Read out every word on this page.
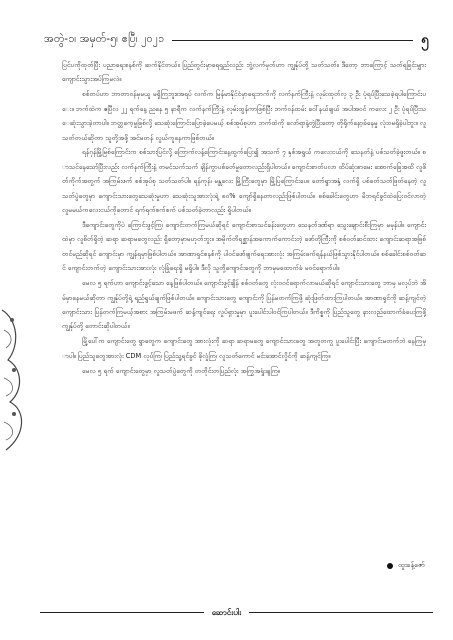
အတွဲ-၁၊ အမှတ်-၅၊ ဧပြီ၊ ၂၀၂၁	၅

ပြင်ပကိုထုတ်ပြီး ပညာရေးစနစ်ကို ဆက်နိုင်တယ်။ ပြည်တွင်းမှာရေရှည်လည်း ဘွဲ့လက်မှတ်ဟာ ကျွန်ုပ်တို့ သတ်သတ်။ ဒီတော့ ဘာကြောင့် သတ်ရခြင်းမျှား ကျောင်းသွားအပ်ကြမလဲ။

စစ်တပ်ဟာ ဘာတာဝန်မှမယူ မရှိကြဘူး။အရပ် လက်က မြန်မာနိုင်ငံမှာရေးဘက်ကို လက်နက်ကြီးနဲ့ လုမ်းထုတ်လှ ၃ ဦး ပုံရပ်ပြီးသေခဲ့ရပါကြောင်းပေး။ ဘက်ထဲက ဧပြီလ ၂၂ ရက်နေ့ ညနေ ၅ နာရီက လက်နက်ကြီးနဲ့ လုမ်းထွန်ကာဖြစ်ပြီး ဘက်ဝန်ထမ်း ဝေါ်နယ်ချယ် အပါအဝင် ကလေး ၂ ဦး ပုံရပ်ပြီးသေဆုံးသွားခဲ့တာပါ။ ဘတ္တကေ့မှုဖြစ်လို့ သေဆုံးကြောင်းပြောခဲ့ပေမယ့် စစ်အုပ်စုဟာ ဘက်ထဲကို လော်ရာနဲ့တွဲပြီးတော့ တိုရိုက်နော့ခ်နေမှု လုံးဝမရှိခဲ့ပါဘူး။ လူသတ်တယ်ဆိုတာ သူတို့အဖို့ အင်မတန် လွယ်ကူနေကာဖြစ်တယ်။

ရန်ဂုန်မြို့မြစ်ကြောင်းက စစ်သားပြင်လို့ ကြောက်လန့်ကြောင်းနေ့ထွက်ပြေး၍ အသက် ၇ နှစ်အရွယ် ကလေးငယ်ကို သေနတ်နဲ့ ပစ်သတ်ခဲ့ဖူးတယ်။ စာသင်နေသော်ပြီးလည်း လက်နက်ကြီးနဲ့ တမင်သက်သက် ချိန်ကွာပစ်ခတ်မှုတောလည်းရှိပါတယ်။ ကျောင်းစာတ်ပလာ ထိပ်ဆုံးစာမေး အောက်ခြေအထိ လူဖိတ်ကိုက်အတွက် အကြမ်းဖက် စစ်အုပ်စု သတ်သတ်ပါ။ ရန်ကုန်၊ မန္တလေး မြို့ကြီးတွေမှာ မြို့ပြကြောင်းပေ။ တော်ရွာအနှံ့ လက်ရှိ ပစ်ခတ်သတ်ဖြတ်နေတဲ့ လူသတ်ပွဲတွေမှာ ကျောင်းသားတွေသေဆုံးမှုဟာ သေဆုံးသူအားလုံးရဲ့ ၈၀% ကျော်ရှိနေတာလည်းဖြစ်ပါတယ်။ စစ်ခေါင်းတွေဟာ မိဘရင်ခွင်ထဲပြေးဝင်လာတဲ့ လူမမယ်ကလေးငယ်ကိုတောင် ရက်ရက်စက်စက် ပစ်သတ်ခဲ့တာလည်း ရှိပါတယ်။

ဒီကျောင်းတွေကိုပဲ ကြောင်းဖွင့်ကြ၊ ကျောင်းတက်ကြမယ်ဆိုရင် ကျောင်းစာသင်ခန်းတွေဟာ သေနတ်ဒဏ်ရာ သွေးချောင်းစီးကြမှာ မမုန်ပါ။ ကျောင်းထဲမှာ လူစိတ်ရှိတဲ့ ဆရာ ဆရာမတွေလည်း ရှိတော့မှာမဟုတ်ဘူး။ အမိုက်တိရစ္ဆာန်အကောက်ကောင်းတဲ့ ဖော်တိုကြီးကို စစ်ဝတ်ဆင်ထား ကျောင်းဆရာအဖြစ်တင်မည်ဆိုရင် ကျောင်းမှာ ကျွန်ရမှာဖြစ်ပါတယ်။ အာဏာရှင်စနစ်ကို ပါဝင်ဖော်ဖျက်ရေးအားလုံး အကြမ်းဖက်ရန်နယ်ဖြစ်သွားနိုင်ပါတယ်။ စစ်ခေါင်းစစ်ဝတ်ဆင် ကျောင်းတက်တဲ့ ကျောင်းသားအားလုံး လုံခြုံရေးရှိ မရှိပါ။ ဒီလို သူတို့ကျောင်းတွေကို ဘာမှမထောက်ခံ မဝင်ရောက်ပါ။

မေလ ၅ ရက်ဟာ ကျောင်းဖွင့်သော နေ့ဖြစ်ပါတယ်။ ကျောင်းဖွင့်ချိန် စစ်ဝတ်တွေ လုံးဝဝင်ရောက်လာမယ်ဆိုရင် ကျောင်းသားတွေ ဘာမှ မလုပ်ဘဲ အိမ်မှာနေမယ်ဆိုတာ ကျွန်ုပ်တို့ရဲ့ ရည်ရွယ်ချက်ဖြစ်ပါတယ်။ ကျောင်းသားတွေ ကျောင်းကို ပြန်မတက်ကြဖို့ ဆုံးဖြတ်ထားကြပါတယ်။ အာဏာရှင်ကို ဆန့်ကျင်တဲ့ ကျောင်းသား ပြန်တက်ကြမယ့်အစား အကြမ်းမဖက် ဆန့်ကျင်ရေး လှုပ်ရှားမှုမှာ ပူးပေါင်းပါဝင်ကြပါတယ်။ ဒီကိစ္စကို ပြည်သူတွေ နားလည်ထောက်ခံပေးကြဖို့ ကျွန်ုပ်တို့ တောင်းဆိုပါတယ်။

မြို့ပေါ်က ကျောင်းတွေ ရွာတွေက ကျောင်းတွေ အားလုံးကို ဆရာ ဆရာမတွေ ကျောင်းသားတွေ အတူတကွ ပူးပေါင်းပြီး ကျောင်းမတက်ဘဲ နေကြမှာပါ။ ပြည်သူတွေအားလုံး CDM လုပ်ကြ၊ ပြည်သူ့ရင်ခွင် ခိုလှုံကြ၊ လူသတ်ကောင် မင်းအောင်လှိုင်ကို ဆန့်ကျင်ကြ။

မေလ ၅ ရက် ကျောင်းတွေမှာ လူသတ်ပွဲတွေကို တတိုင်းတပြည်လုံး အကြွအရှုံးချကြ။

ထူးခန့်ဇော်
ဆောင်းပါး
